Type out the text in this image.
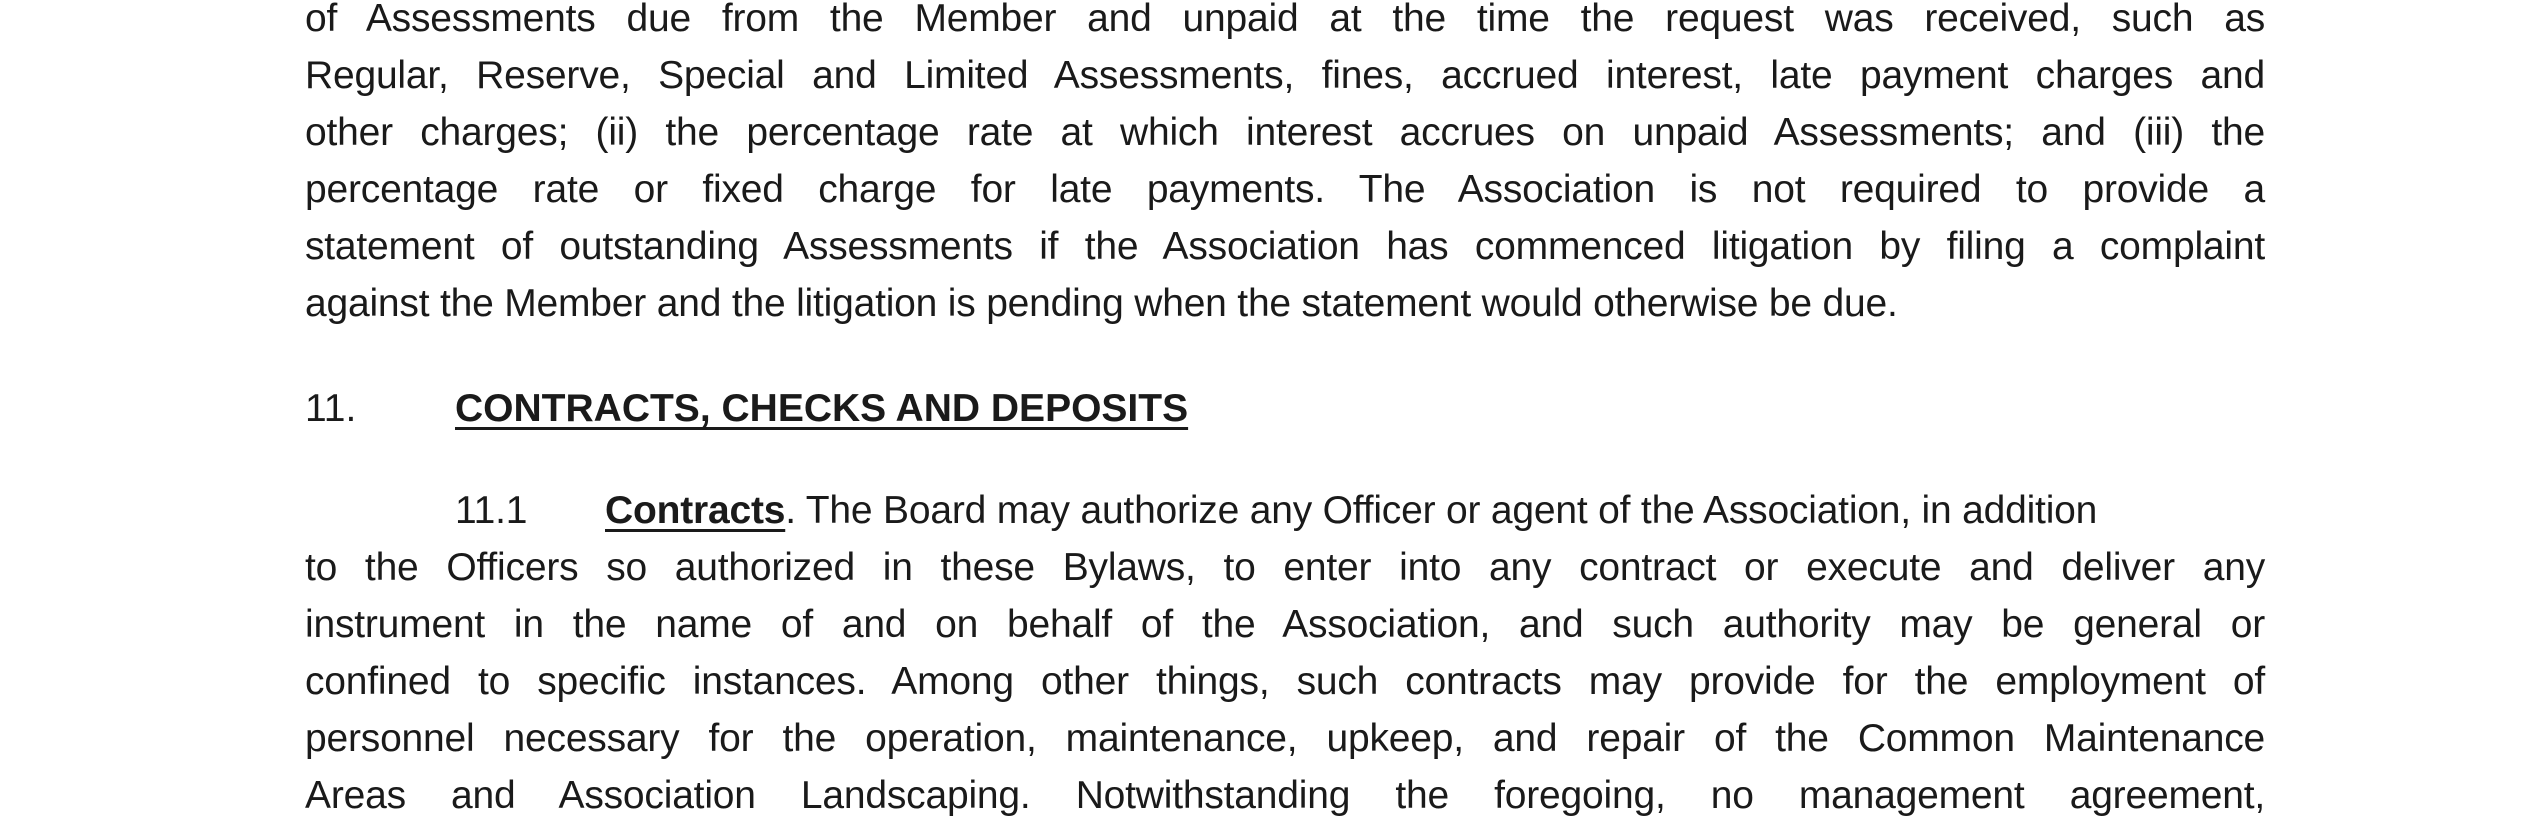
of Assessments due from the Member and unpaid at the time the request was received, such as
Regular, Reserve, Special and Limited Assessments, fines, accrued interest, late payment charges and
other charges; (ii) the percentage rate at which interest accrues on unpaid Assessments; and (iii) the
percentage rate or fixed charge for late payments. The Association is not required to provide a
statement of outstanding Assessments if the Association has commenced litigation by filing a complaint
against the Member and the litigation is pending when the statement would otherwise be due.
11.	CONTRACTS, CHECKS AND DEPOSITS
11.1 Contracts. The Board may authorize any Officer or agent of the Association, in addition
to the Officers so authorized in these Bylaws, to enter into any contract or execute and deliver any
instrument in the name of and on behalf of the Association, and such authority may be general or
confined to specific instances. Among other things, such contracts may provide for the employment of
personnel necessary for the operation, maintenance, upkeep, and repair of the Common Maintenance
Areas and Association Landscaping. Notwithstanding the foregoing, no management agreement,
